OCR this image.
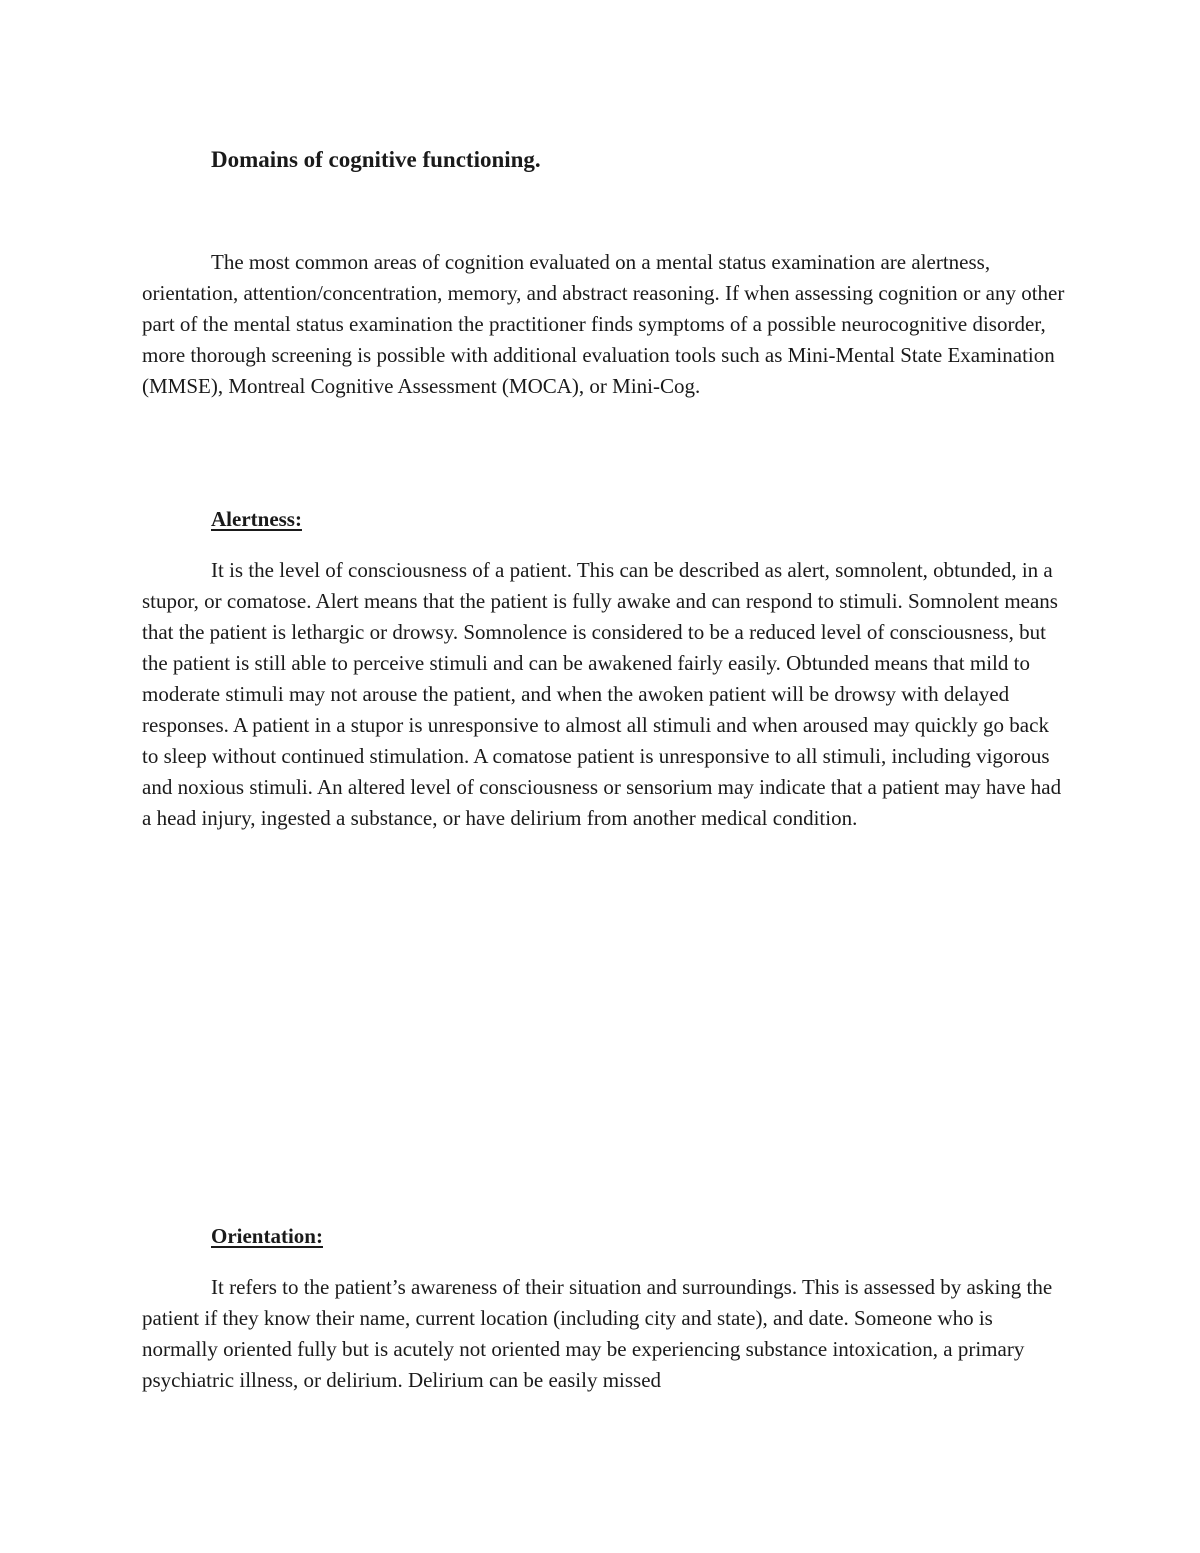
Domains of cognitive functioning.

The most common areas of cognition evaluated on a mental status examination are alertness, orientation, attention/concentration, memory, and abstract reasoning. If when assessing cognition or any other part of the mental status examination the practitioner finds symptoms of a possible neurocognitive disorder, more thorough screening is possible with additional evaluation tools such as Mini-Mental State Examination (MMSE), Montreal Cognitive Assessment (MOCA), or Mini-Cog.

Alertness:

It is the level of consciousness of a patient. This can be described as alert, somnolent, obtunded, in a stupor, or comatose. Alert means that the patient is fully awake and can respond to stimuli. Somnolent means that the patient is lethargic or drowsy. Somnolence is considered to be a reduced level of consciousness, but the patient is still able to perceive stimuli and can be awakened fairly easily. Obtunded means that mild to moderate stimuli may not arouse the patient, and when the awoken patient will be drowsy with delayed responses. A patient in a stupor is unresponsive to almost all stimuli and when aroused may quickly go back to sleep without continued stimulation. A comatose patient is unresponsive to all stimuli, including vigorous and noxious stimuli. An altered level of consciousness or sensorium may indicate that a patient may have had a head injury, ingested a substance, or have delirium from another medical condition.

Orientation:

It refers to the patient’s awareness of their situation and surroundings. This is assessed by asking the patient if they know their name, current location (including city and state), and date. Someone who is normally oriented fully but is acutely not oriented may be experiencing substance intoxication, a primary psychiatric illness, or delirium. Delirium can be easily missed
